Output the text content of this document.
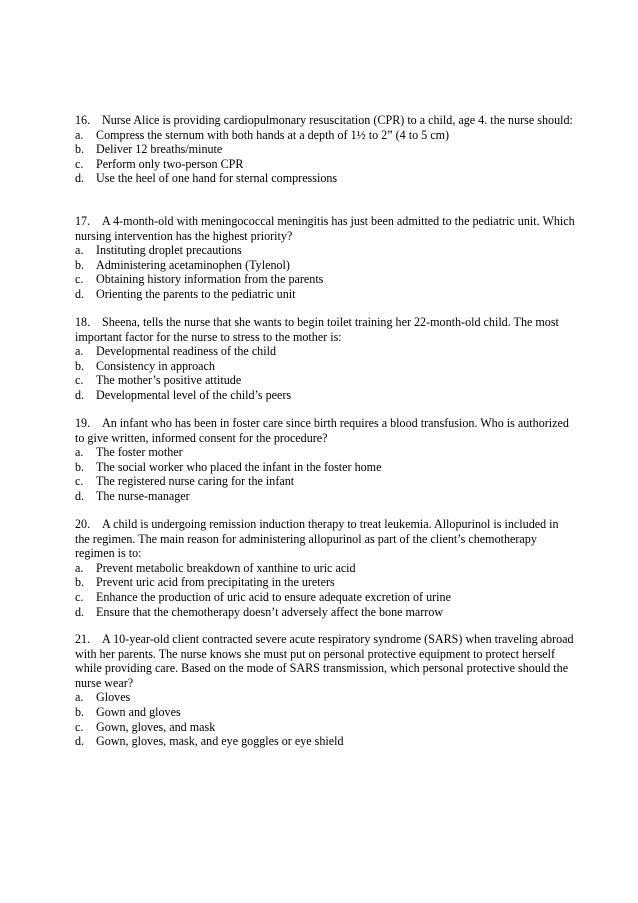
16. Nurse Alice is providing cardiopulmonary resuscitation (CPR) to a child, age 4. the nurse should:

a.	Compress the sternum with both hands at a depth of 1½ to 2” (4 to 5 cm)
b. Deliver 12 breaths/minute
c.	Perform only two-person CPR
d. Use the heel of one hand for sternal compressions

17. A 4-month-old with meningococcal meningitis has just been admitted to the pediatric unit. Which nursing intervention has the highest priority?

a.	Instituting droplet precautions
b. Administering acetaminophen (Tylenol)
c.	Obtaining history information from the parents
d. Orienting the parents to the pediatric unit

18. Sheena, tells the nurse that she wants to begin toilet training her 22-month-old child. The most important factor for the nurse to stress to the mother is:

a.	Developmental readiness of the child
b. Consistency in approach
c.	The mother’s positive attitude
d. Developmental level of the child’s peers

19. An infant who has been in foster care since birth requires a blood transfusion. Who is authorized to give written, informed consent for the procedure?

a.	The foster mother
b. The social worker who placed the infant in the foster home
c.	The registered nurse caring for the infant
d. The nurse-manager

20. A child is undergoing remission induction therapy to treat leukemia. Allopurinol is included in the regimen. The main reason for administering allopurinol as part of the client’s chemotherapy regimen is to:

a.	Prevent metabolic breakdown of xanthine to uric acid
b. Prevent uric acid from precipitating in the ureters
c.	Enhance the production of uric acid to ensure adequate excretion of urine
d. Ensure that the chemotherapy doesn’t adversely affect the bone marrow

21. A 10-year-old client contracted severe acute respiratory syndrome (SARS) when traveling abroad with her parents. The nurse knows she must put on personal protective equipment to protect herself while providing care. Based on the mode of SARS transmission, which personal protective should the nurse wear?

a.	Gloves
b. Gown and gloves
c.	Gown, gloves, and mask
d. Gown, gloves, mask, and eye goggles or eye shield
